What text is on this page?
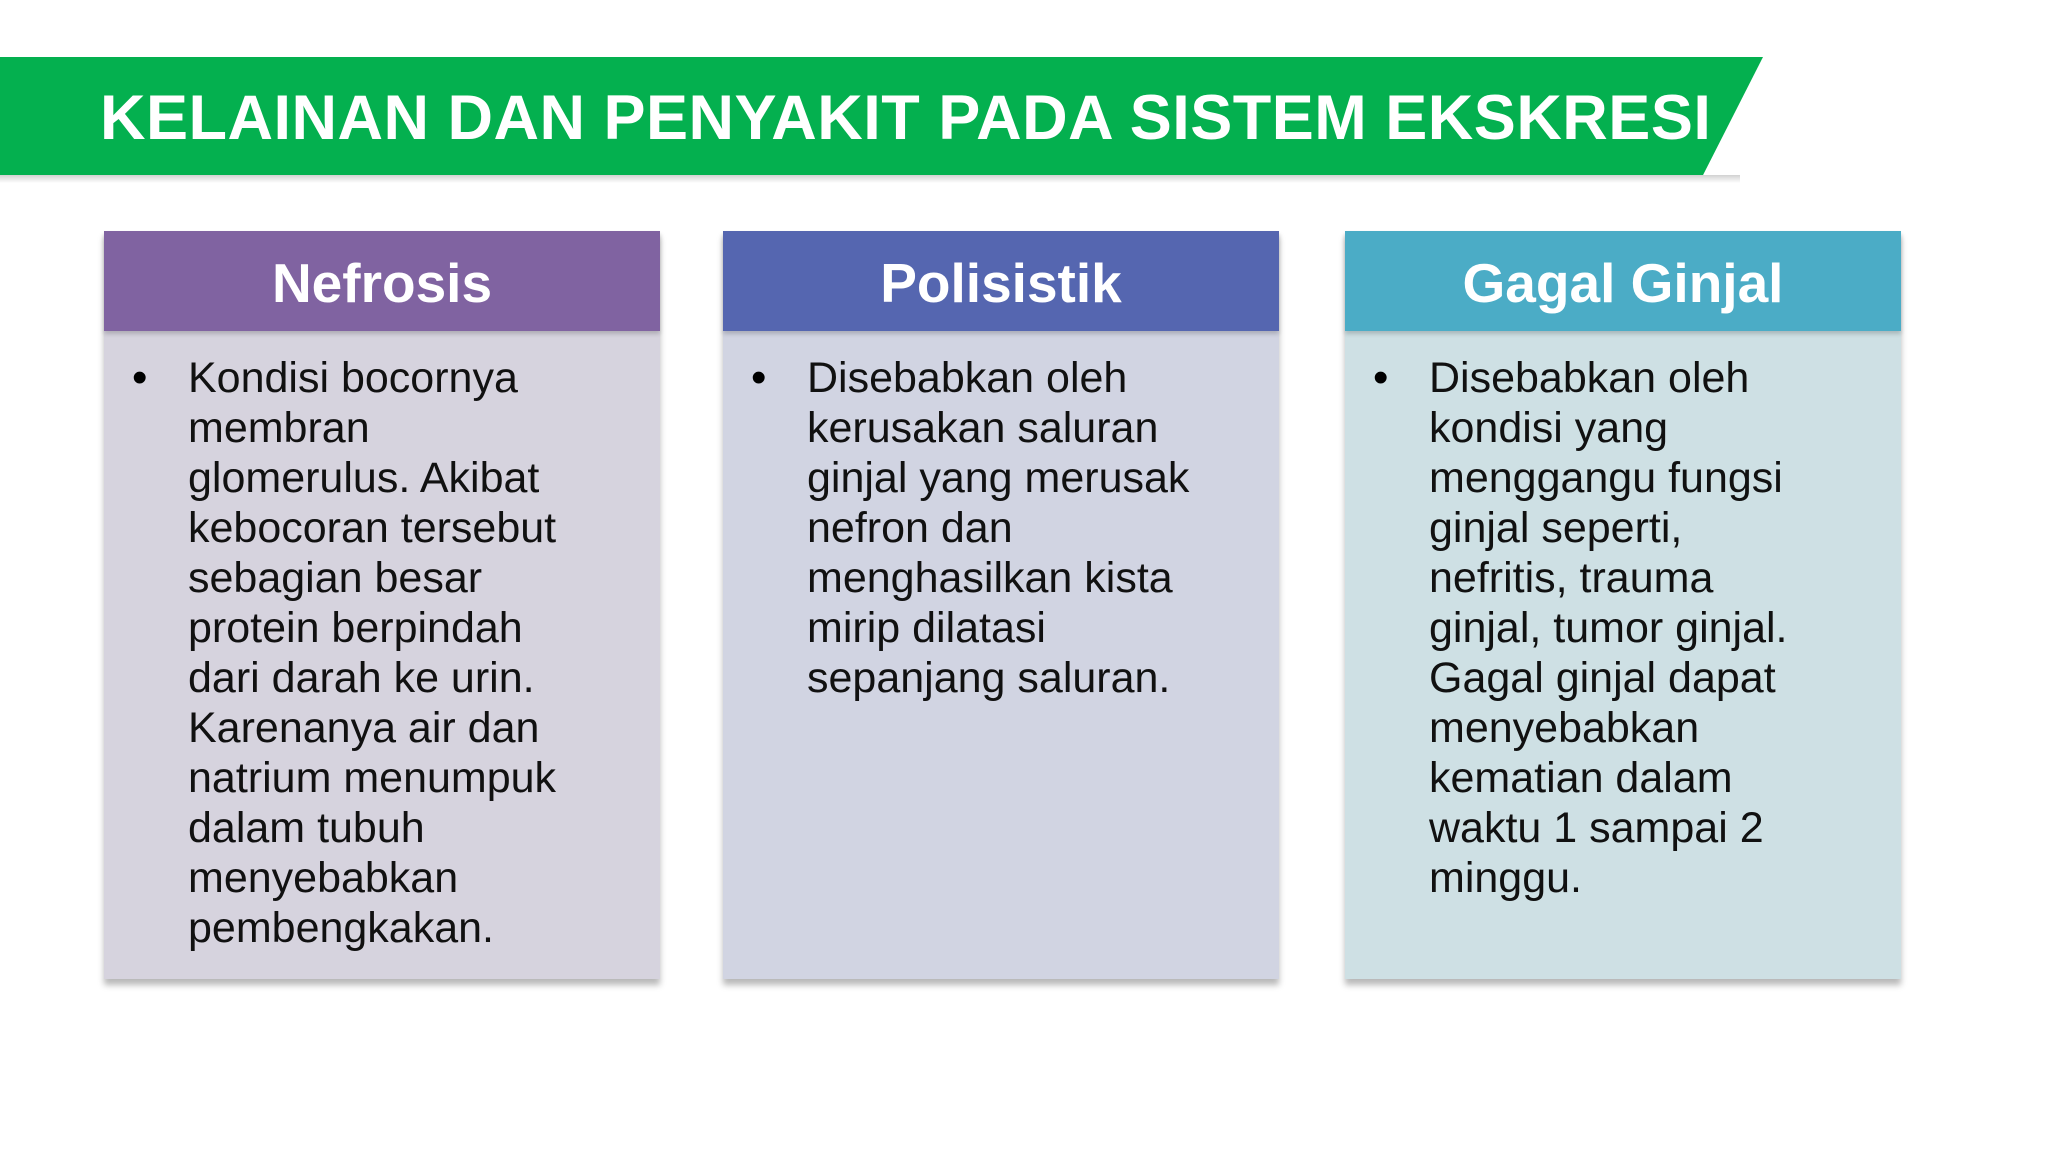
KELAINAN DAN PENYAKIT PADA SISTEM EKSKRESI
Nefrosis
• Kondisi bocornya
membran
glomerulus. Akibat
kebocoran tersebut
sebagian besar
protein berpindah
dari darah ke urin.
Karenanya air dan
natrium menumpuk
dalam tubuh
menyebabkan
pembengkakan.
Polisistik
• Disebabkan oleh
kerusakan saluran
ginjal yang merusak
nefron dan
menghasilkan kista
mirip dilatasi
sepanjang saluran.
Gagal Ginjal
• Disebabkan oleh
kondisi yang
menggangu fungsi
ginjal seperti,
nefritis, trauma
ginjal, tumor ginjal.
Gagal ginjal dapat
menyebabkan
kematian dalam
waktu 1 sampai 2
minggu.
